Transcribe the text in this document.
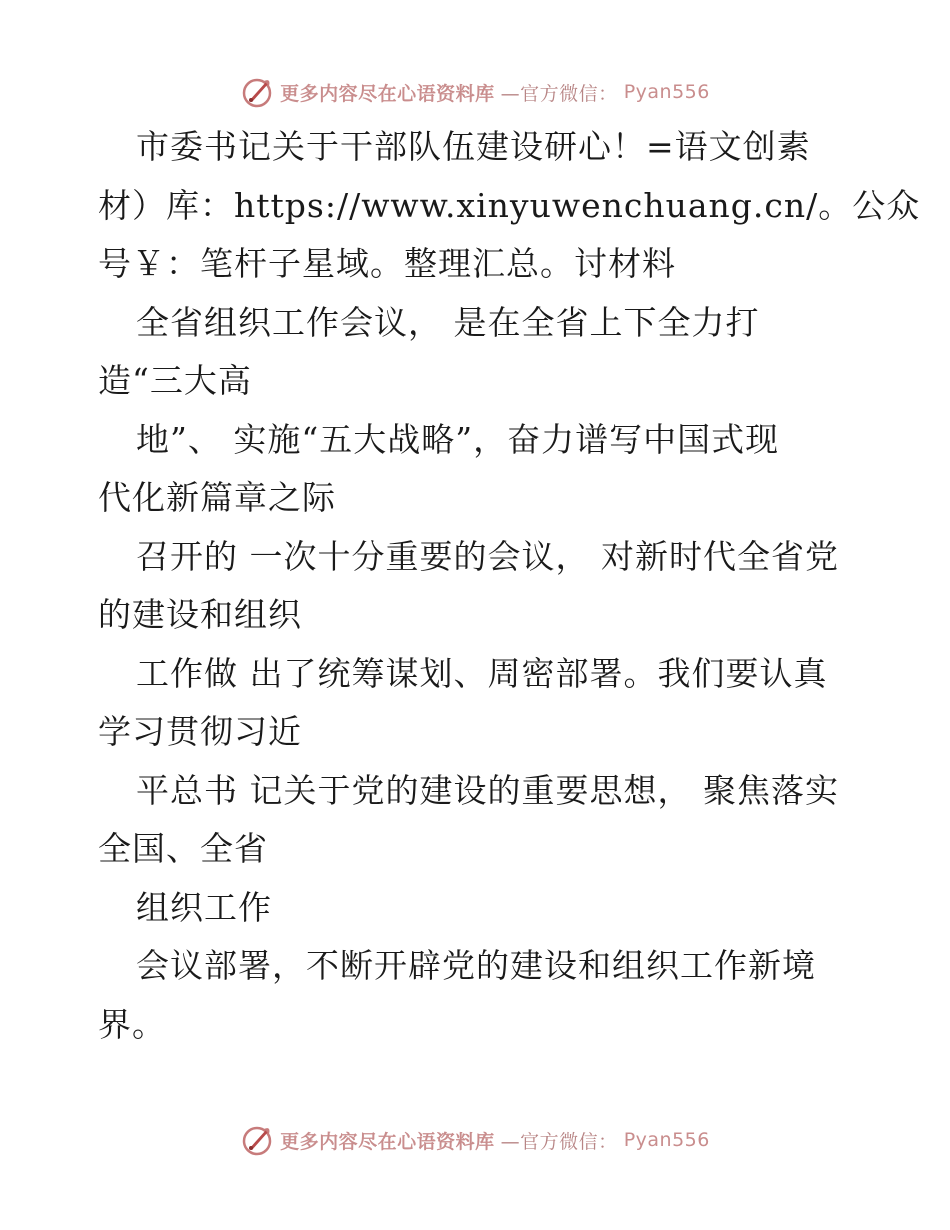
更多内容尽在心语资料库 —官方微信： Pyan556
市委书记关于干部队伍建设研心！=语文创素
材）库：https://www.xinyuwenchuang.cn/。公众
号￥：笔杆子星域。整理汇总。讨材料
全省组织工作会议， 是在全省上下全力打
造“三大高
地”、 实施“五大战略”，奋力谱写中国式现
代化新篇章之际
召开的 一次十分重要的会议， 对新时代全省党
的建设和组织
工作做 出了统筹谋划、周密部署。我们要认真
学习贯彻习近
平总书 记关于党的建设的重要思想， 聚焦落实
全国、全省
组织工作
会议部署，不断开辟党的建设和组织工作新境
界。
更多内容尽在心语资料库 —官方微信： Pyan556
